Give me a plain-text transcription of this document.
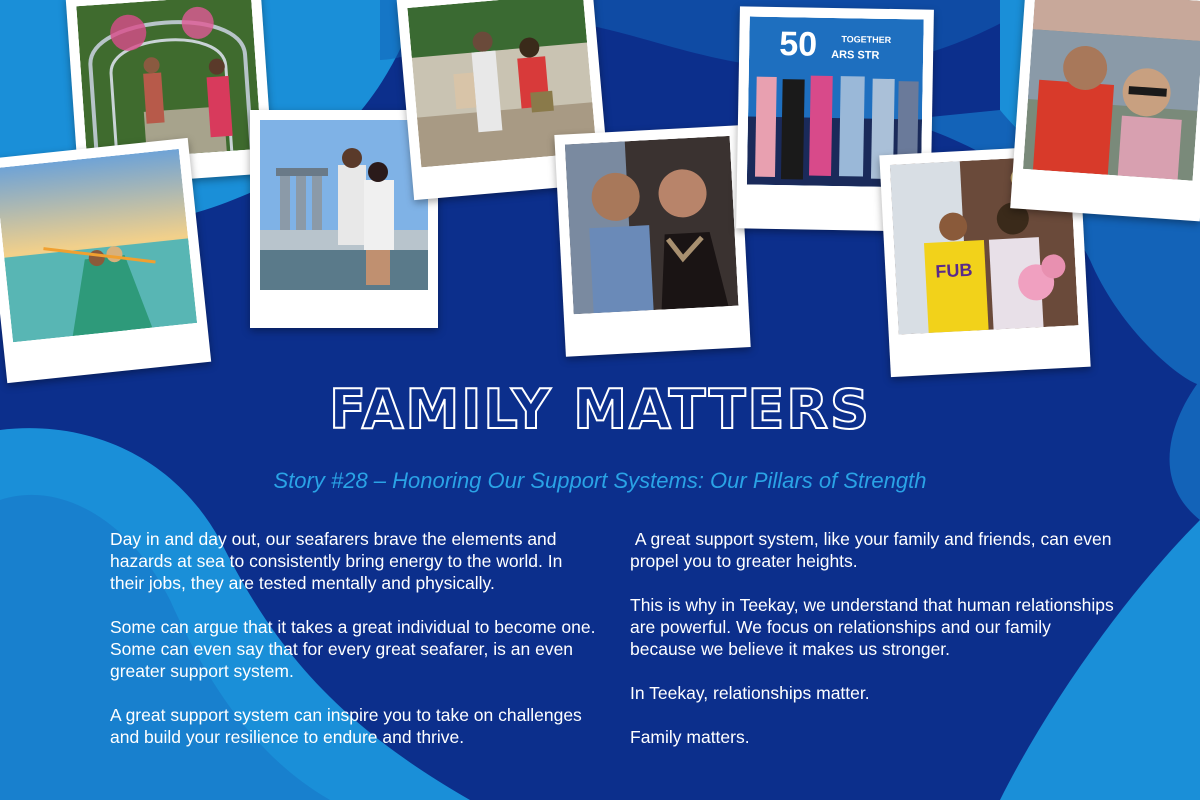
50	TOGETHER
ARS STR
FUB
FAMILY MATTERS
Story #28 – Honoring Our Support Systems: Our Pillars of Strength

Day in and day out, our seafarers brave the elements and hazards at sea to consistently bring energy to the world. In their jobs, they are tested mentally and physically.

Some can argue that it takes a great individual to become one. Some can even say that for every great seafarer, is an even greater support system.

A great support system can inspire you to take on challenges and build your resilience to endure and thrive.

A great support system, like your family and friends, can even propel you to greater heights.

This is why in Teekay, we understand that human relationships are powerful. We focus on relationships and our family because we believe it makes us stronger.

In Teekay, relationships matter.

Family matters.
